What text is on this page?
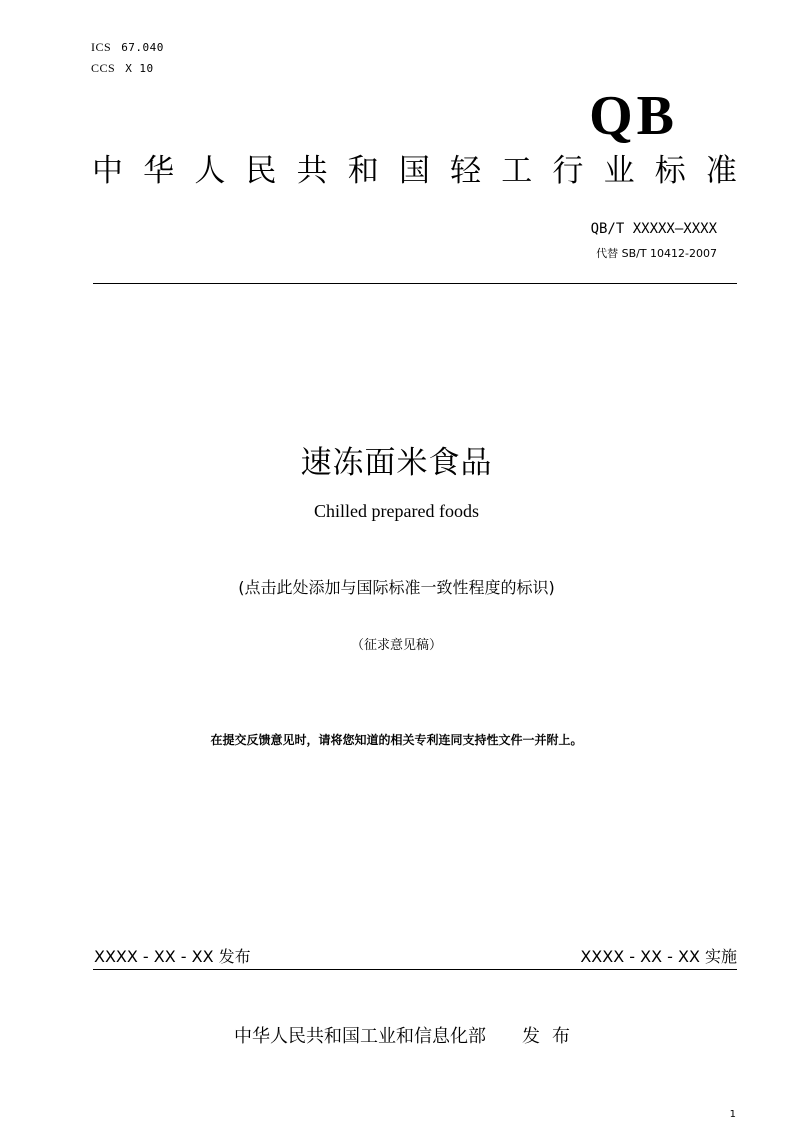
ICS 67.040
CCS X 10
QB
中 华 人 民 共 和 国 轻 工 行 业 标 准
QB/T XXXXX—XXXX
代替 SB/T 10412-2007
速冻面米食品
Chilled prepared foods
(点击此处添加与国际标准一致性程度的标识)
（征求意见稿）
在提交反馈意见时，请将您知道的相关专利连同支持性文件一并附上。
XXXX - XX - XX 发布	XXXX - XX - XX 实施
中华人民共和国工业和信息化部 发布
1
